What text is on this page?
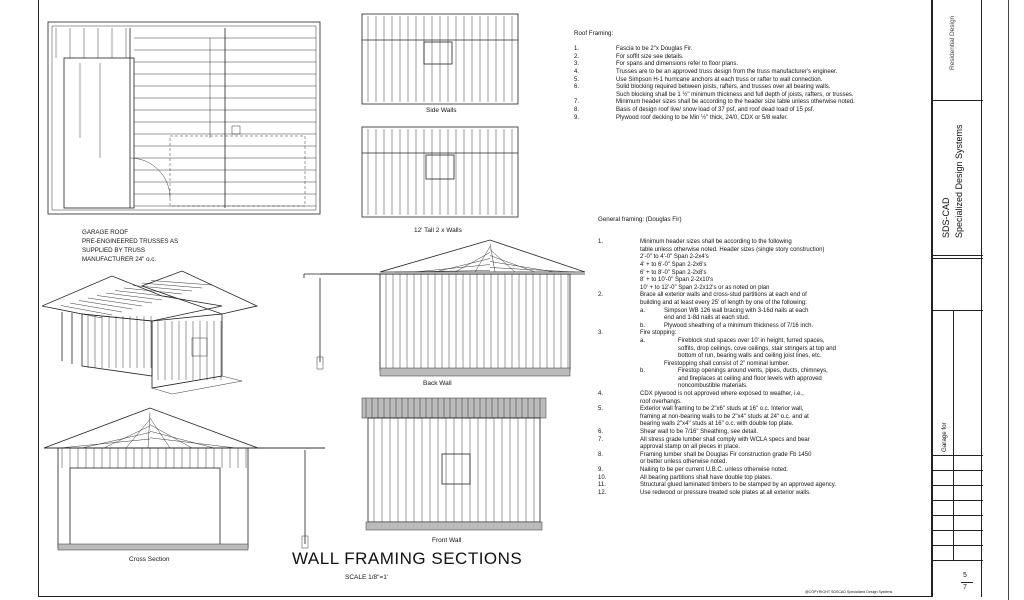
Side Walls
12' Tall 2 x Walls
GARAGE ROOF
PRE-ENGINEERED TRUSSES AS
SUPPLIED BY TRUSS
MANUFACTURER 24" o.c.
Back Wall
Front Wall
Cross Section	WALL FRAMING SECTIONS
SCALE 1/8"=1'
Roof Framing:
1.	Fascia to be 2"x Douglas Fir.
2.	For soffit size see details.
3.	For spans and dimensions refer to floor plans.
4.	Trusses are to be an approved truss design from the truss manufacturer's engineer.
5.	Use Simpson H-1 hurricane anchors at each truss or rafter to wall connection.
6.	Solid blocking required between joists, rafters, and trusses over all bearing walls.
Such blocking shall be 1 ½" minimum thickness and full depth of joists, rafters, or trusses.
7.	Minimum header sizes shall be according to the header size table unless otherwise noted.
8.	Basis of design roof live/ snow load of 37 psf, and roof dead load of 15 psf.
9.	Plywood roof decking to be Min ½" thick, 24/0, CDX or 5/8 wafer.
General framing: (Douglas Fir)
1.	Minimum header sizes shall be according to the following
table unless otherwise noted. Header sizes (single story construction)
2'-0" to 4'-0" Span 2-2x4's
4' + to 6'-0" Span 2-2x6's
6' + to 8'-0" Span 2-2x8's
8' + to 10'-0" Span 2-2x10's
10' + to 12'-0" Span 2-2x12's or as noted on plan
2.	Brace all exterior walls and cross-stud partitions at each end of
building and at least every 25' of length by one of the following:
a.	Simpson WB 126 wall bracing with 3-16d nails at each
end and 1-8d nails at each stud.
b.	Plywood sheathing of a minimum thickness of 7/16 inch.
3.	Fire stopping:
a.	Fireblock stud spaces over 10' in height, furred spaces,
soffits, drop ceilings, cove ceilings, stair stringers at top and
bottom of run, bearing walls and ceiling joist lines, etc.
Firestopping shall consist of 2" nominal lumber.
b.	Firestop openings around vents, pipes, ducts, chimneys,
and fireplaces at ceiling and floor levels with approved
noncombustible materials.
4.	CDX plywood is not approved where exposed to weather, i.e.,
roof overhangs.
5.	Exterior wall framing to be 2"x6" studs at 16" o.c. Interior wall,
framing at non-bearing walls to be 2"x4" studs at 24" o.c. and at
bearing walls 2"x4" studs at 16" o.c. with double top plate.
6.	Shear wall to be 7/16" Sheathing, see detail.
7.	All stress grade lumber shall comply with WCLA specs and bear
approval stamp on all pieces in place.
8.	Framing lumber shall be Douglas Fir construction grade Fb 1450
or better unless otherwise noted.
9.	Nailing to be per current U.B.C. unless otherwise noted.
10.	All bearing partitions shall have double top plates.
11.	Structural glued laminated timbers to be stamped by an approved agency.
12.	Use redwood or pressure treated sole plates at all exterior walls.
@COPYRIGHT SDSCAD Specialized Design Systems
Residential Design
SDS-CAD Specialized Design Systems
Garage for
5
7
